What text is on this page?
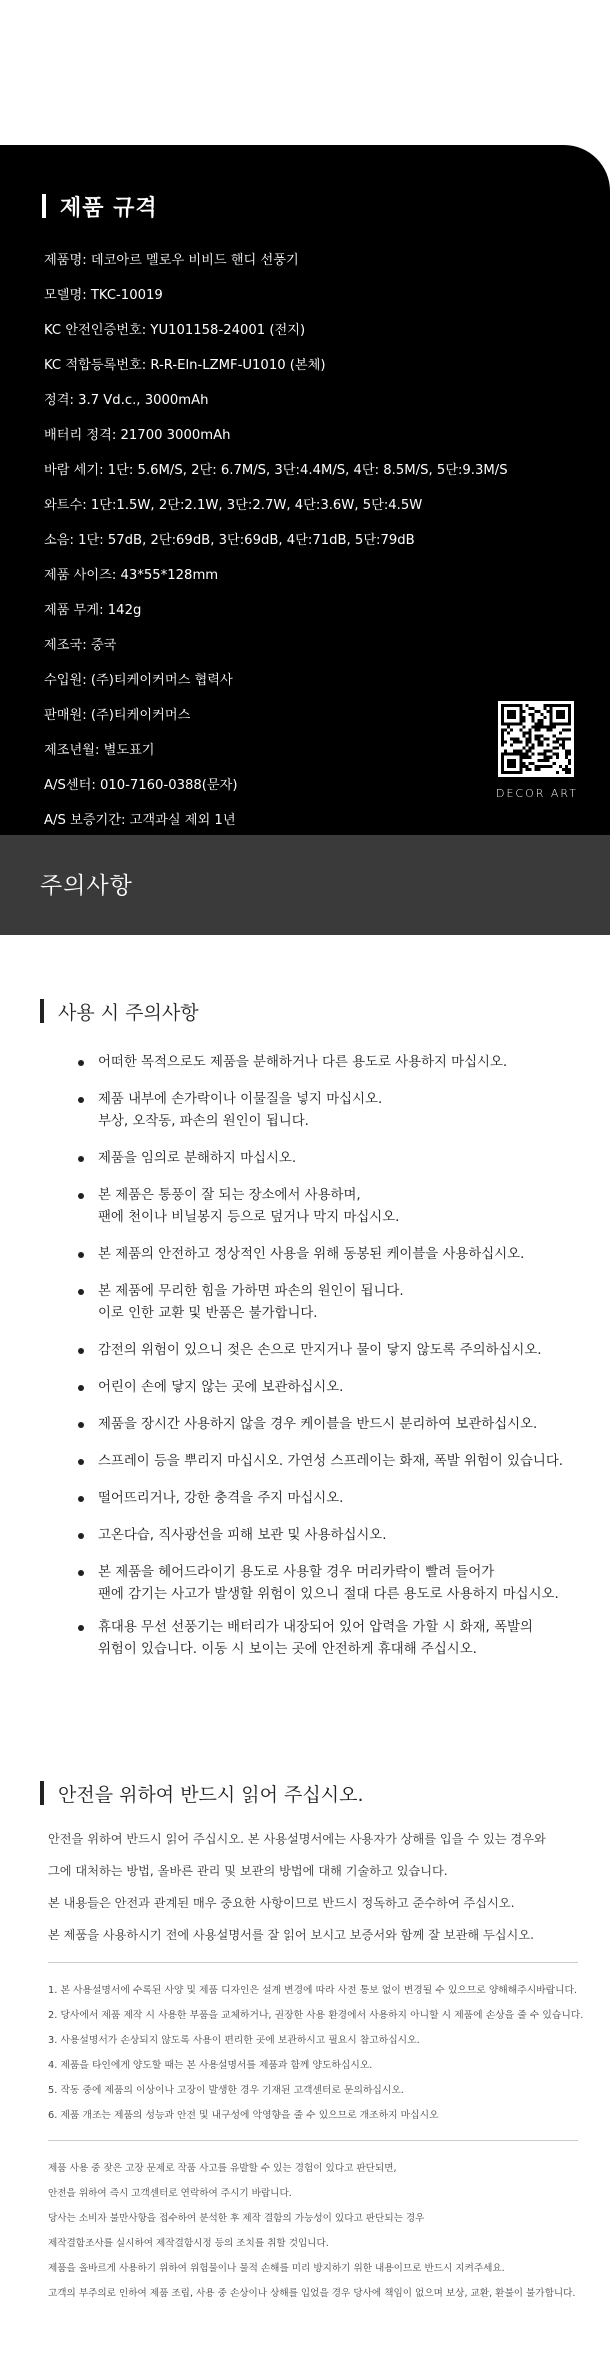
제품 규격
제품명: 데코아르 멜로우 비비드 핸디 선풍기
모델명: TKC-10019
KC 안전인증번호: YU101158-24001 (전지)
KC 적합등록번호: R-R-Eln-LZMF-U1010 (본체)
정격: 3.7 Vd.c., 3000mAh
배터리 정격: 21700 3000mAh
바람 세기: 1단: 5.6M/S, 2단: 6.7M/S, 3단:4.4M/S, 4단: 8.5M/S, 5단:9.3M/S
와트수: 1단:1.5W, 2단:2.1W, 3단:2.7W, 4단:3.6W, 5단:4.5W
소음: 1단: 57dB, 2단:69dB, 3단:69dB, 4단:71dB, 5단:79dB
제품 사이즈: 43*55*128mm
제품 무게: 142g
제조국: 중국
수입원: (주)티케이커머스 협력사
판매원: (주)티케이커머스
제조년월: 별도표기
A/S센터: 010-7160-0388(문자)
A/S 보증기간: 고객과실 제외 1년
DECOR ART
주의사항
사용 시 주의사항
어떠한 목적으로도 제품을 분해하거나 다른 용도로 사용하지 마십시오.
제품 내부에 손가락이나 이물질을 넣지 마십시오.
부상, 오작동, 파손의 원인이 됩니다.
제품을 임의로 분해하지 마십시오.
본 제품은 통풍이 잘 되는 장소에서 사용하며,
팬에 천이나 비닐봉지 등으로 덮거나 막지 마십시오.
본 제품의 안전하고 정상적인 사용을 위해 동봉된 케이블을 사용하십시오.
본 제품에 무리한 힘을 가하면 파손의 원인이 됩니다.
이로 인한 교환 및 반품은 불가합니다.
감전의 위험이 있으니 젖은 손으로 만지거나 물이 닿지 않도록 주의하십시오.
어린이 손에 닿지 않는 곳에 보관하십시오.
제품을 장시간 사용하지 않을 경우 케이블을 반드시 분리하여 보관하십시오.
스프레이 등을 뿌리지 마십시오. 가연성 스프레이는 화재, 폭발 위험이 있습니다.
떨어뜨리거나, 강한 충격을 주지 마십시오.
고온다습, 직사광선을 피해 보관 및 사용하십시오.
본 제품을 헤어드라이기 용도로 사용할 경우 머리카락이 빨려 들어가
팬에 감기는 사고가 발생할 위험이 있으니 절대 다른 용도로 사용하지 마십시오.
휴대용 무선 선풍기는 배터리가 내장되어 있어 압력을 가할 시 화재, 폭발의
위험이 있습니다. 이동 시 보이는 곳에 안전하게 휴대해 주십시오.
안전을 위하여 반드시 읽어 주십시오.
안전을 위하여 반드시 읽어 주십시오. 본 사용설명서에는 사용자가 상해를 입을 수 있는 경우와
그에 대처하는 방법, 올바른 관리 및 보관의 방법에 대해 기술하고 있습니다.
본 내용들은 안전과 관계된 매우 중요한 사항이므로 반드시 정독하고 준수하여 주십시오.
본 제품을 사용하시기 전에 사용설명서를 잘 읽어 보시고 보증서와 함께 잘 보관해 두십시오.
1. 본 사용설명서에 수록된 사양 및 제품 디자인은 설계 변경에 따라 사전 통보 없이 변경될 수 있으므로 양해해주시바랍니다.
2. 당사에서 제품 제작 시 사용한 부품을 교체하거나, 권장한 사용 환경에서 사용하지 아니할 시 제품에 손상을 줄 수 있습니다.
3. 사용설명서가 손상되지 않도록 사용이 편리한 곳에 보관하시고 필요시 참고하십시오.
4. 제품을 타인에게 양도할 때는 본 사용설명서를 제품과 함께 양도하십시오.
5. 작동 중에 제품의 이상이나 고장이 발생한 경우 기재된 고객센터로 문의하십시오.
6. 제품 개조는 제품의 성능과 안전 및 내구성에 악영향을 줄 수 있으므로 개조하지 마십시오
제품 사용 중 잦은 고장 문제로 작품 사고를 유발할 수 있는 경험이 있다고 판단되면,
안전을 위하여 즉시 고객센터로 연락하여 주시기 바랍니다.
당사는 소비자 불만사항을 접수하여 분석한 후 제작 결함의 가능성이 있다고 판단되는 경우
제작결함조사를 실시하여 제작결함시정 등의 조치를 취할 것입니다.
제품을 올바르게 사용하기 위하여 위험물이나 물적 손해를 미리 방지하기 위한 내용이므로 반드시 지켜주세요.
고객의 부주의로 인하여 제품 조립, 사용 중 손상이나 상해를 입었을 경우 당사에 책임이 없으며 보상, 교환, 환불이 불가합니다.
